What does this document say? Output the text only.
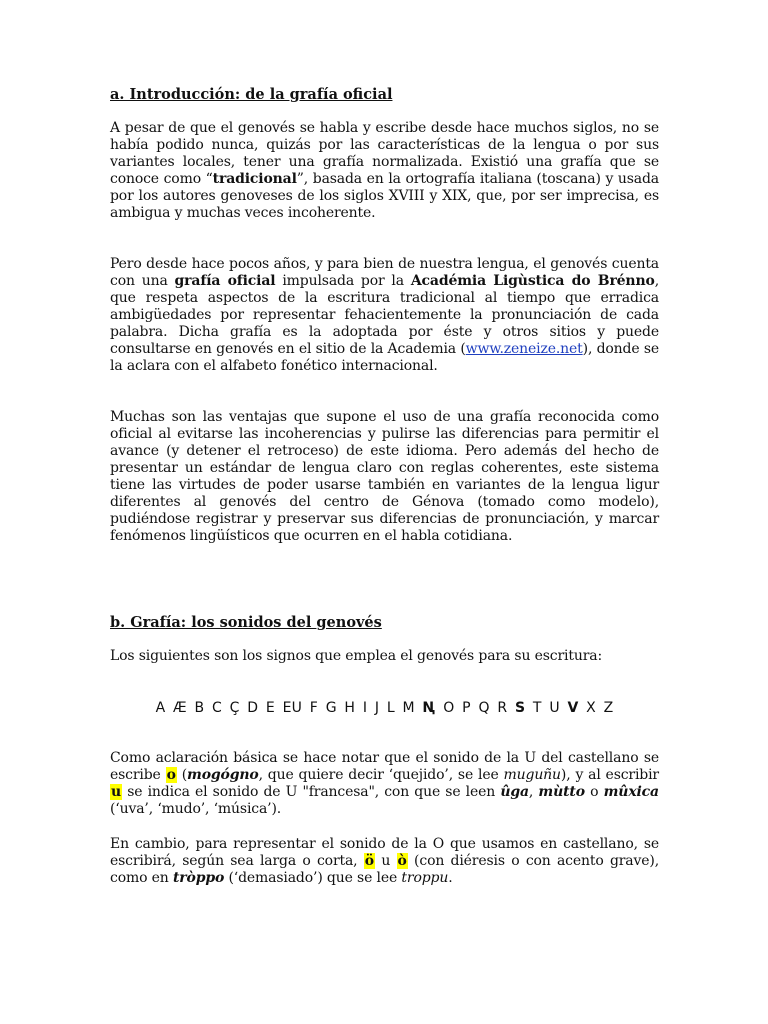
a. Introducción: de la grafía oficial

A pesar de que el genovés se habla y escribe desde hace muchos siglos, no se había podido nunca, quizás por las características de la lengua o por sus variantes locales, tener una grafía normalizada. Existió una grafía que se conoce como “tradicional”, basada en la ortografía italiana (toscana) y usada por los autores genoveses de los siglos XVIII y XIX, que, por ser imprecisa, es ambigua y muchas veces incoherente.

Pero desde hace pocos años, y para bien de nuestra lengua, el genovés cuenta con una grafía oficial impulsada por la Académia Ligùstica do Brénno, que respeta aspectos de la escritura tradicional al tiempo que erradica ambigüedades por representar fehacientemente la pronunciación de cada palabra. Dicha grafía es la adoptada por éste y otros sitios y puede consultarse en genovés en el sitio de la Academia (www.zeneize.net), donde se la aclara con el alfabeto fonético internacional.

Muchas son las ventajas que supone el uso de una grafía reconocida como oficial al evitarse las incoherencias y pulirse las diferencias para permitir el avance (y detener el retroceso) de este idioma. Pero además del hecho de presentar un estándar de lengua claro con reglas coherentes, este sistema tiene las virtudes de poder usarse también en variantes de la lengua ligur diferentes al genovés del centro de Génova (tomado como modelo), pudiéndose registrar y preservar sus diferencias de pronunciación, y marcar fenómenos lingüísticos que ocurren en el habla cotidiana.

b. Grafía: los sonidos del genovés

Los siguientes son los signos que emplea el genovés para su escritura:

A Æ B C Ç D E EU F G H I J L M Ꞑ O P Q R S T U V X Z

Como aclaración básica se hace notar que el sonido de la U del castellano se escribe o (mogógno, que quiere decir ‘quejido’, se lee muguñu), y al escribir u se indica el sonido de U "francesa", con que se leen ûga, mùtto o mûxica (‘uva’, ‘mudo’, ‘música’).

En cambio, para representar el sonido de la O que usamos en castellano, se escribirá, según sea larga o corta, ö u ò (con diéresis o con acento grave), como en tròppo (‘demasiado’) que se lee troppu.
